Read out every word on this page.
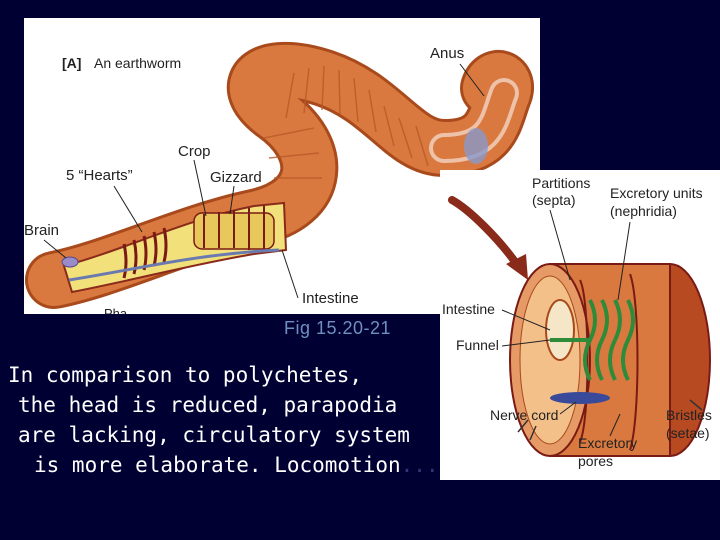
[A] An earthworm
Anus
Crop
5 “Hearts”	Gizzard
Brain
Intestine
Pha
Partitions
(septa) Excretory units
(nephridia)
Intestine
Funnel
Nerve cord	Bristles
(setae)
Excretory
pores
Fig 15.20-21
In comparison to polychetes,
the head is reduced, parapodia
are lacking, circulatory system
is more elaborate. Locomotion...
